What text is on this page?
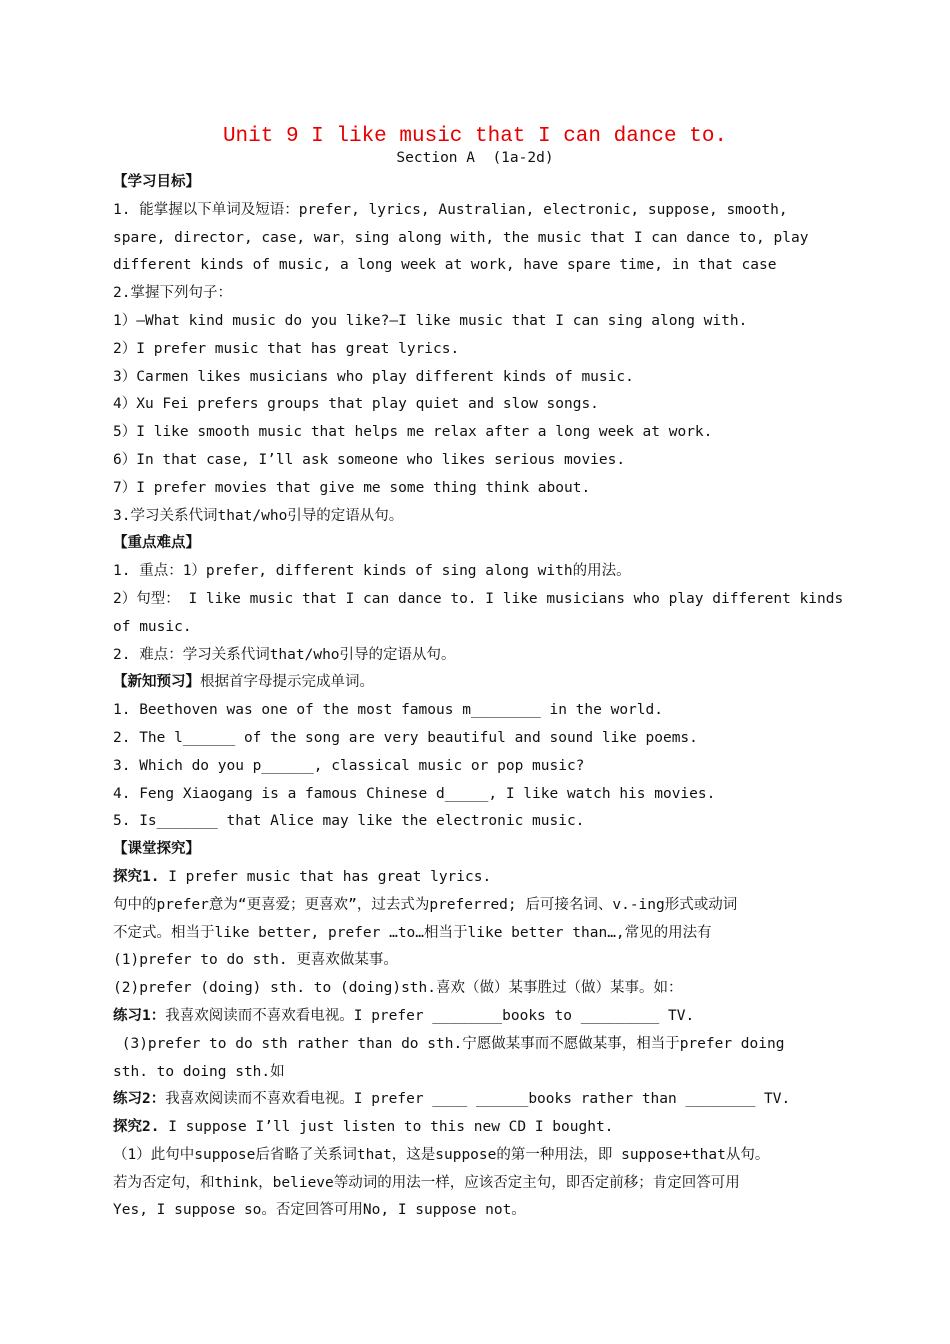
Unit 9 I like music that I can dance to.
Section A  (1a-2d)
【学习目标】
1. 能掌握以下单词及短语：prefer, lyrics, Australian, electronic, suppose, smooth,
spare, director, case, war，sing along with, the music that I can dance to, play
different kinds of music, a long week at work, have spare time, in that case
2.掌握下列句子：
1）—What kind music do you like?—I like music that I can sing along with.
2）I prefer music that has great lyrics.
3）Carmen likes musicians who play different kinds of music.
4）Xu Fei prefers groups that play quiet and slow songs.
5）I like smooth music that helps me relax after a long week at work.
6）In that case, I’ll ask someone who likes serious movies.
7）I prefer movies that give me some thing think about.
3.学习关系代词that/who引导的定语从句。
【重点难点】
1. 重点：1）prefer, different kinds of sing along with的用法。
2）句型： I like music that I can dance to. I like musicians who play different kinds
of music.
2. 难点：学习关系代词that/who引导的定语从句。
【新知预习】根据首字母提示完成单词。
1. Beethoven was one of the most famous m________ in the world.
2. The l______ of the song are very beautiful and sound like poems.
3. Which do you p______, classical music or pop music?
4. Feng Xiaogang is a famous Chinese d_____, I like watch his movies.
5. Is_______ that Alice may like the electronic music.
【课堂探究】
探究1. I prefer music that has great lyrics.
句中的prefer意为“更喜爱；更喜欢”，过去式为preferred; 后可接名词、v.-ing形式或动词
不定式。相当于like better, prefer …to…相当于like better than…,常见的用法有
(1)prefer to do sth. 更喜欢做某事。
(2)prefer (doing) sth. to (doing)sth.喜欢（做）某事胜过（做）某事。如：
练习1：我喜欢阅读而不喜欢看电视。I prefer ________books to _________ TV.
(3)prefer to do sth rather than do sth.宁愿做某事而不愿做某事，相当于prefer doing
sth. to doing sth.如
练习2：我喜欢阅读而不喜欢看电视。I prefer ____ ______books rather than ________ TV.
探究2. I suppose I’ll just listen to this new CD I bought.
（1）此句中suppose后省略了关系词that，这是suppose的第一种用法，即 suppose+that从句。
若为否定句，和think，believe等动词的用法一样，应该否定主句，即否定前移；肯定回答可用
Yes, I suppose so。否定回答可用No, I suppose not。
